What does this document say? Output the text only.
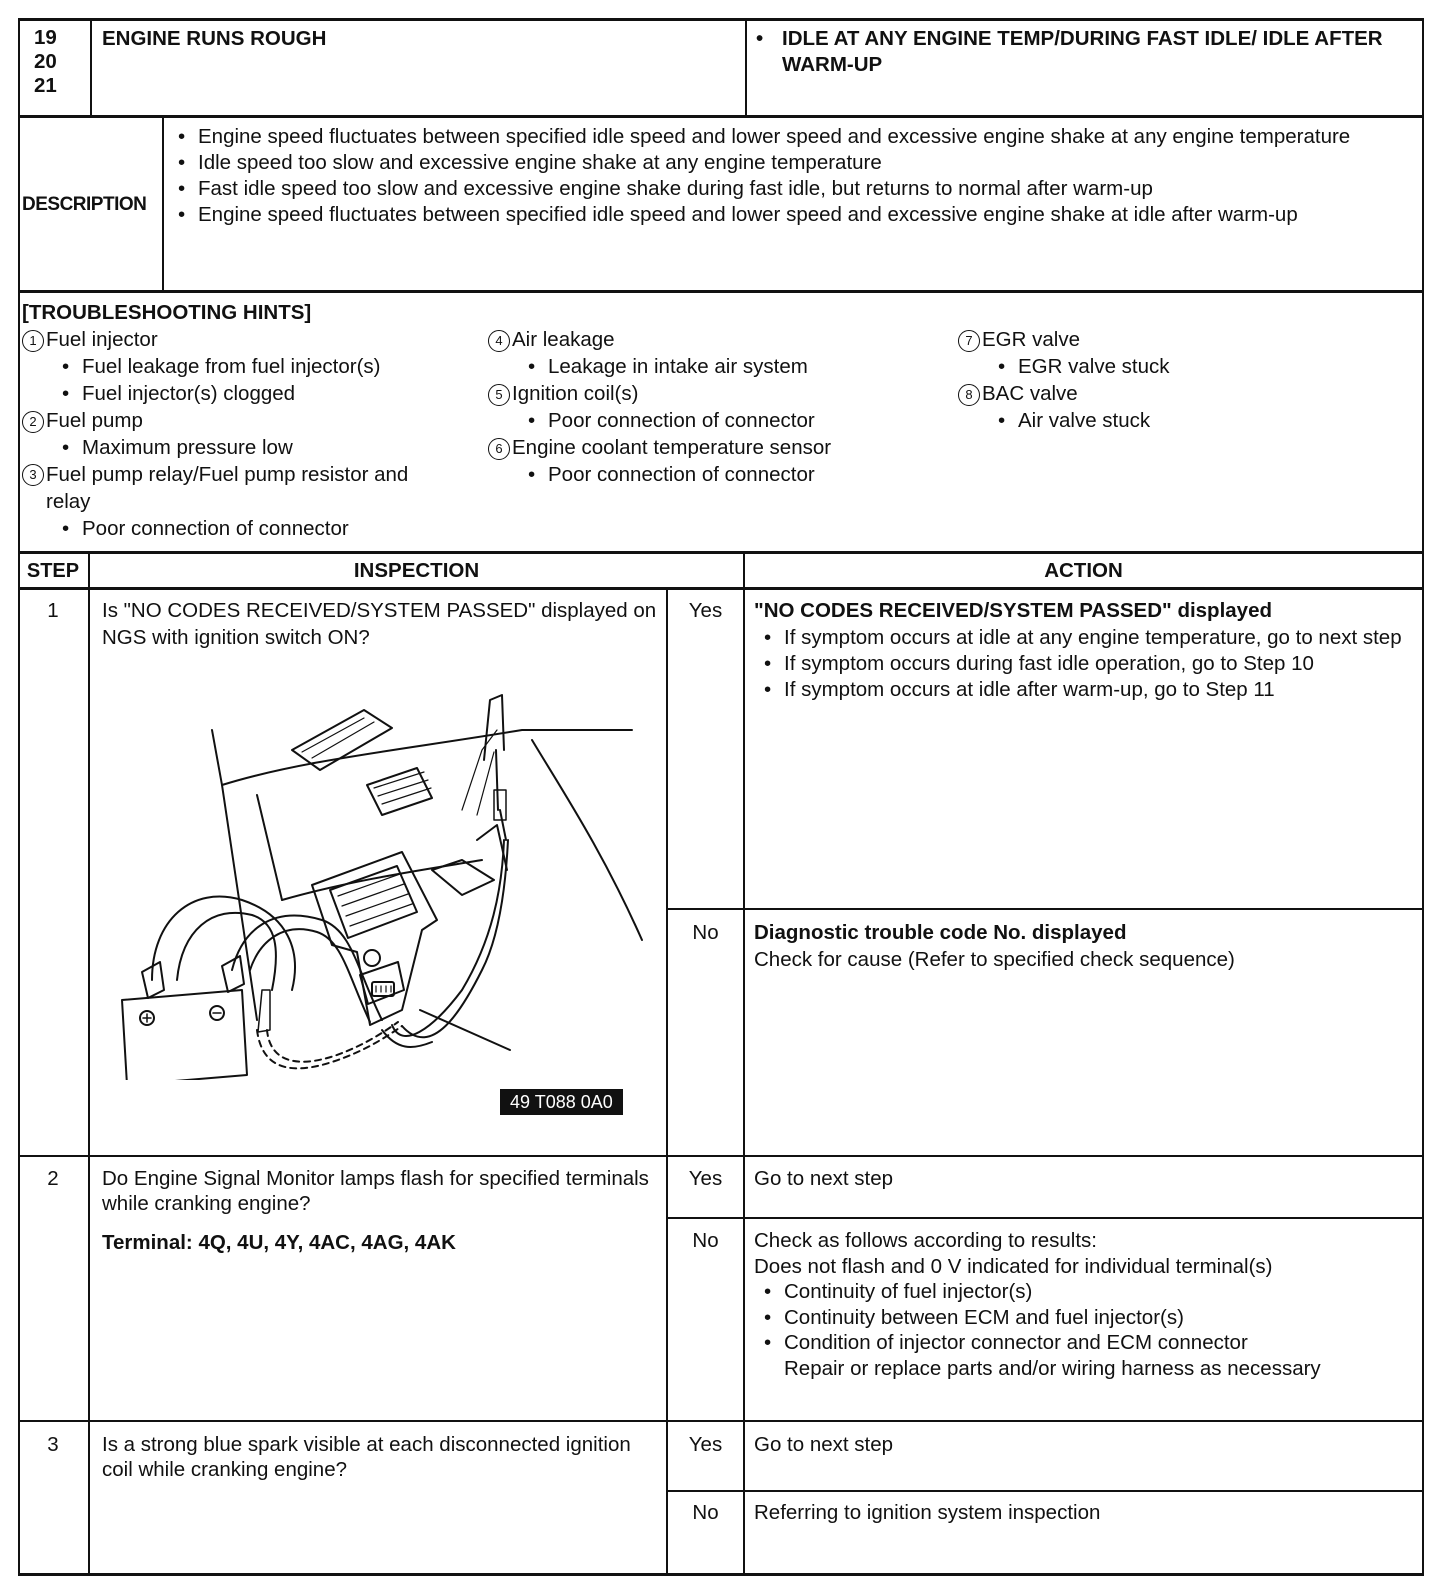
19
20
21
ENGINE RUNS ROUGH	• IDLE AT ANY ENGINE TEMP/DURING FAST IDLE/ IDLE AFTER WARM-UP
DESCRIPTION
• Engine speed fluctuates between specified idle speed and lower speed and excessive engine shake at any engine temperature
• Idle speed too slow and excessive engine shake at any engine temperature
• Fast idle speed too slow and excessive engine shake during fast idle, but returns to normal after warm-up
• Engine speed fluctuates between specified idle speed and lower speed and excessive engine shake at idle after warm-up
[TROUBLESHOOTING HINTS]
1 Fuel injector
• Fuel leakage from fuel injector(s)
• Fuel injector(s) clogged
2 Fuel pump
• Maximum pressure low
3 Fuel pump relay/Fuel pump resistor and relay
• Poor connection of connector
4 Air leakage
• Leakage in intake air system
5 Ignition coil(s)
• Poor connection of connector
6 Engine coolant temperature sensor
• Poor connection of connector
7 EGR valve
• EGR valve stuck
8 BAC valve
• Air valve stuck
STEP	INSPECTION	ACTION
1	Is "NO CODES RECEIVED/SYSTEM PASSED" displayed on NGS with ignition switch ON?
49 T088 0A0
Yes	"NO CODES RECEIVED/SYSTEM PASSED" displayed
• If symptom occurs at idle at any engine temperature, go to next step
• If symptom occurs during fast idle operation, go to Step 10
• If symptom occurs at idle after warm-up, go to Step 11
No	Diagnostic trouble code No. displayed
Check for cause (Refer to specified check sequence)
2	Do Engine Signal Monitor lamps flash for specified terminals while cranking engine?
Terminal: 4Q, 4U, 4Y, 4AC, 4AG, 4AK
Yes	Go to next step
No	Check as follows according to results:
Does not flash and 0 V indicated for individual terminal(s)
• Continuity of fuel injector(s)
• Continuity between ECM and fuel injector(s)
• Condition of injector connector and ECM connector
Repair or replace parts and/or wiring harness as necessary
3	Is a strong blue spark visible at each disconnected ignition coil while cranking engine?
Yes	Go to next step
No	Referring to ignition system inspection
